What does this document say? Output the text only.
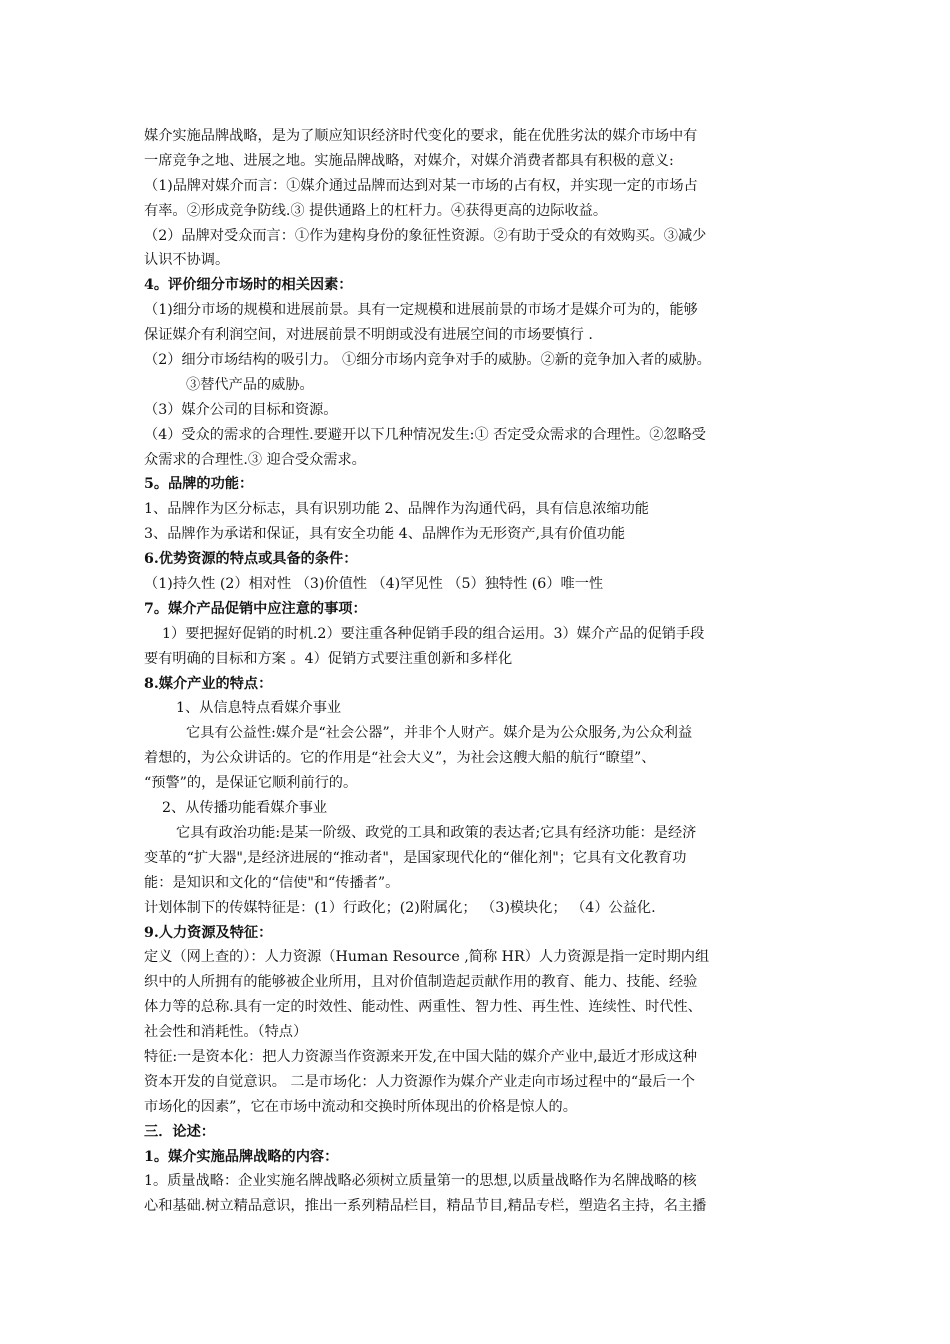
媒介实施品牌战略，是为了顺应知识经济时代变化的要求，能在优胜劣汰的媒介市场中有
一席竞争之地、进展之地。实施品牌战略，对媒介，对媒介消费者都具有积极的意义:
（1)品牌对媒介而言：①媒介通过品牌而达到对某一市场的占有权，并实现一定的市场占
有率。②形成竞争防线.③ 提供通路上的杠杆力。④获得更高的边际收益。
（2）品牌对受众而言：①作为建构身份的象征性资源。②有助于受众的有效购买。③减少
认识不协调。
4。评价细分市场时的相关因素：
（1)细分市场的规模和进展前景。具有一定规模和进展前景的市场才是媒介可为的，能够
保证媒介有利润空间，对进展前景不明朗或没有进展空间的市场要慎行 .
（2）细分市场结构的吸引力。 ①细分市场内竞争对手的威胁。②新的竞争加入者的威胁。
③替代产品的威胁。
（3）媒介公司的目标和资源。
（4）受众的需求的合理性.要避开以下几种情况发生:① 否定受众需求的合理性。②忽略受
众需求的合理性.③ 迎合受众需求。
5。品牌的功能：
1、品牌作为区分标志，具有识别功能 2、品牌作为沟通代码，具有信息浓缩功能
3、品牌作为承诺和保证，具有安全功能 4、品牌作为无形资产,具有价值功能
6.优势资源的特点或具备的条件：
（1)持久性 (2）相对性 （3)价值性 （4)罕见性 （5）独特性 (6）唯一性
7。媒介产品促销中应注意的事项：
1）要把握好促销的时机.2）要注重各种促销手段的组合运用。3）媒介产品的促销手段
要有明确的目标和方案 。4）促销方式要注重创新和多样化
8.媒介产业的特点：
1、从信息特点看媒介事业
它具有公益性:媒介是“社会公器”，并非个人财产。媒介是为公众服务,为公众利益
着想的，为公众讲话的。它的作用是“社会大义”，为社会这艘大船的航行“瞭望”、
“预警”的，是保证它顺利前行的。
2、从传播功能看媒介事业
它具有政治功能:是某一阶级、政党的工具和政策的表达者;它具有经济功能：是经济
变革的“扩大器",是经济进展的“推动者"，是国家现代化的“催化剂"；它具有文化教育功
能：是知识和文化的“信使"和“传播者”。
计划体制下的传媒特征是：(1）行政化；(2)附属化； （3)模块化； （4）公益化.
9.人力资源及特征：
定义（网上查的）：人力资源（Human Resource ,简称 HR）人力资源是指一定时期内组
织中的人所拥有的能够被企业所用，且对价值制造起贡献作用的教育、能力、技能、经验
体力等的总称.具有一定的时效性、能动性、两重性、智力性、再生性、连续性、时代性、
社会性和消耗性。（特点）
特征:一是资本化：把人力资源当作资源来开发,在中国大陆的媒介产业中,最近才形成这种
资本开发的自觉意识。 二是市场化：人力资源作为媒介产业走向市场过程中的“最后一个
市场化的因素”，它在市场中流动和交换时所体现出的价格是惊人的。
三．论述：
1。媒介实施品牌战略的内容：
1。质量战略：企业实施名牌战略必须树立质量第一的思想,以质量战略作为名牌战略的核
心和基础.树立精品意识，推出一系列精品栏目，精品节目,精品专栏，塑造名主持，名主播
